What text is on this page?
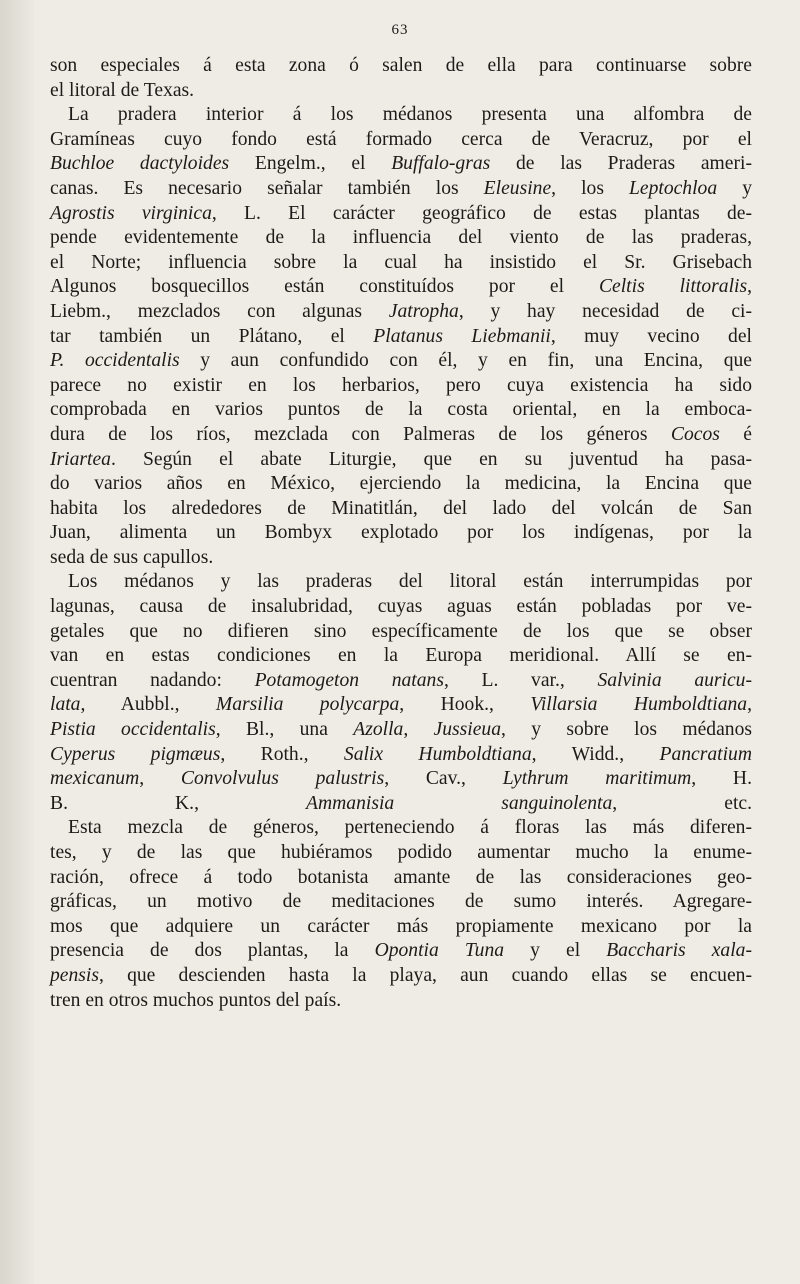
63
son especiales á esta zona ó salen de ella para continuarse sobre
el litoral de Texas.
La pradera interior á los médanos presenta una alfombra de
Gramíneas cuyo fondo está formado cerca de Veracruz, por el
Buchloe dactyloides Engelm., el Buffalo-gras de las Praderas ameri-
canas. Es necesario señalar también los Eleusine, los Leptochloa y
Agrostis virginica, L. El carácter geográfico de estas plantas de-
pende evidentemente de la influencia del viento de las praderas,
el Norte; influencia sobre la cual ha insistido el Sr. Grisebach
Algunos bosquecillos están constituídos por el Celtis littoralis,
Liebm., mezclados con algunas Jatropha, y hay necesidad de ci-
tar también un Plátano, el Platanus Liebmanii, muy vecino del
P. occidentalis y aun confundido con él, y en fin, una Encina, que
parece no existir en los herbarios, pero cuya existencia ha sido
comprobada en varios puntos de la costa oriental, en la emboca-
dura de los ríos, mezclada con Palmeras de los géneros Cocos é
Iriartea. Según el abate Liturgie, que en su juventud ha pasa-
do varios años en México, ejerciendo la medicina, la Encina que
habita los alrededores de Minatitlán, del lado del volcán de San
Juan, alimenta un Bombyx explotado por los indígenas, por la
seda de sus capullos.
Los médanos y las praderas del litoral están interrumpidas por
lagunas, causa de insalubridad, cuyas aguas están pobladas por ve-
getales que no difieren sino específicamente de los que se obser
van en estas condiciones en la Europa meridional. Allí se en-
cuentran nadando: Potamogeton natans, L. var., Salvinia auricu-
lata, Aubbl., Marsilia polycarpa, Hook., Villarsia Humboldtiana,
Pistia occidentalis, Bl., una Azolla, Jussieua, y sobre los médanos
Cyperus pigmæus, Roth., Salix Humboldtiana, Widd., Pancratium
mexicanum, Convolvulus palustris, Cav., Lythrum maritimum, H.
B. K., Ammanisia sanguinolenta, etc.
Esta mezcla de géneros, perteneciendo á floras las más diferen-
tes, y de las que hubiéramos podido aumentar mucho la enume-
ración, ofrece á todo botanista amante de las consideraciones geo-
gráficas, un motivo de meditaciones de sumo interés. Agregare-
mos que adquiere un carácter más propiamente mexicano por la
presencia de dos plantas, la Opontia Tuna y el Baccharis xala-
pensis, que descienden hasta la playa, aun cuando ellas se encuen-
tren en otros muchos puntos del país.
